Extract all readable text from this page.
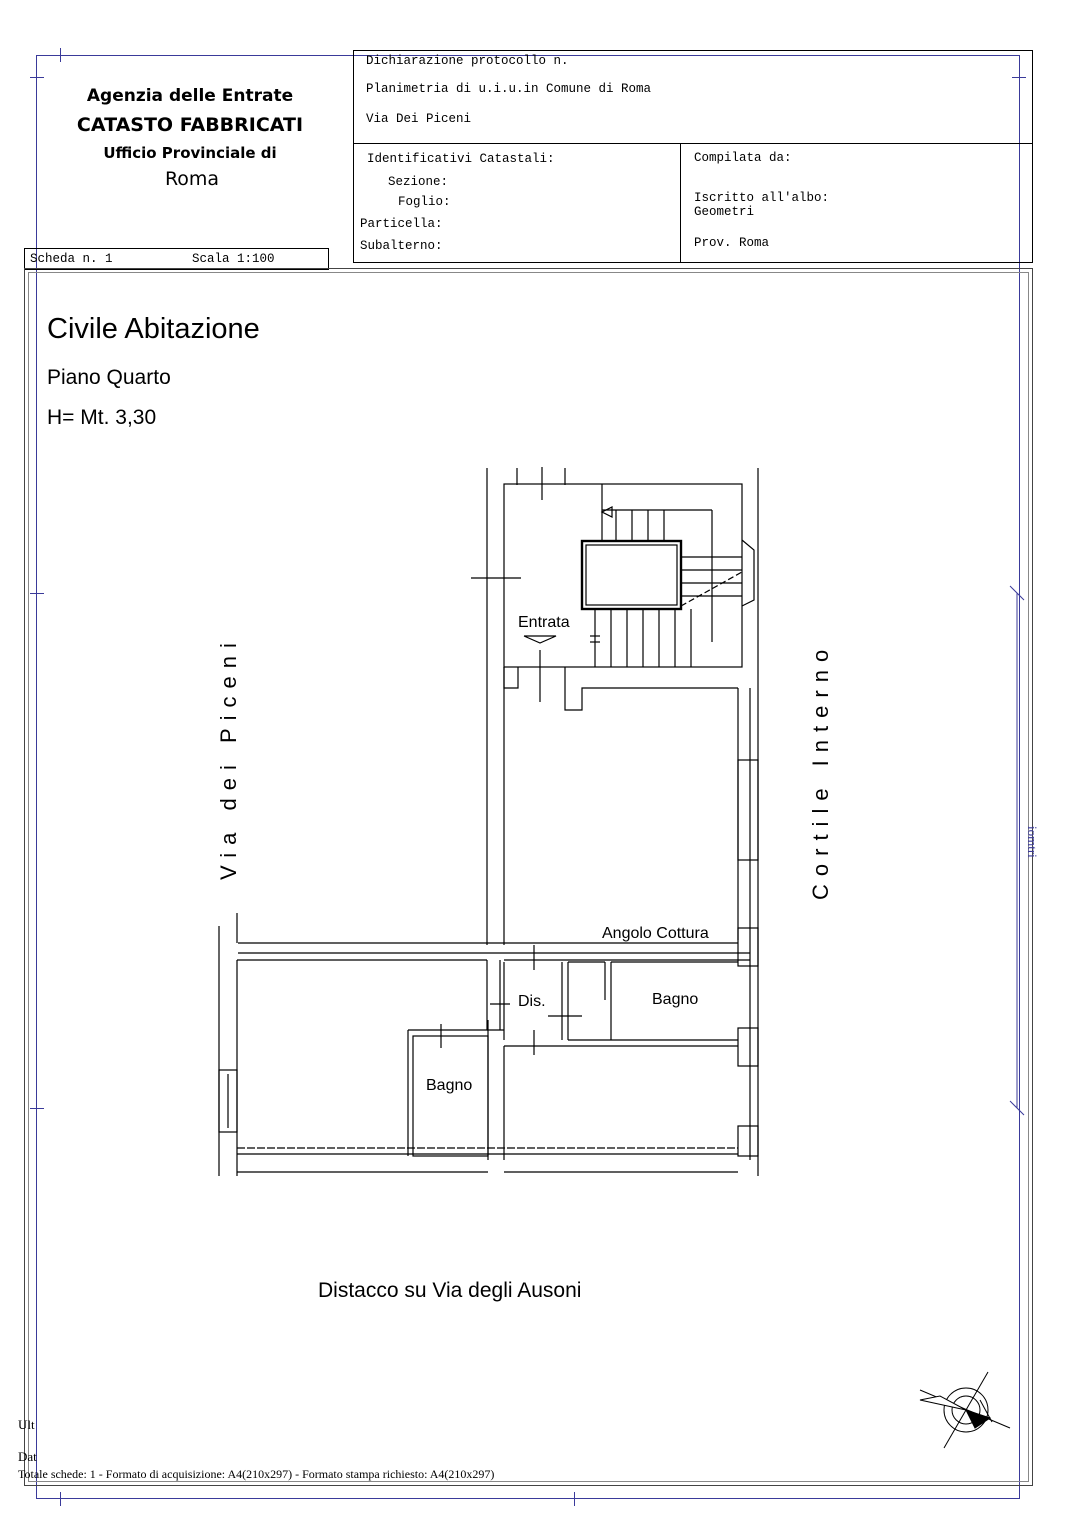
Agenzia delle Entrate
CATASTO FABBRICATI
Ufficio Provinciale di
Roma
Scheda n. 1	Scala 1:100
Dichiarazione protocollo n.
Planimetria di u.i.u.in Comune di Roma
Via Dei Piceni
Identificativi Catastali:
Sezione:
Foglio:
Particella:
Subalterno:
Compilata da:
Iscritto all'albo:
Geometri
Prov. Roma
Civile Abitazione
Piano Quarto
H= Mt. 3,30
Entrata
Angolo Cottura
Dis.	Bagno
Bagno
Via dei Piceni	Cortile Interno	iomtri
Distacco su Via degli Ausoni
Ult
Dat
Totale schede: 1 - Formato di acquisizione: A4(210x297) - Formato stampa richiesto: A4(210x297)
